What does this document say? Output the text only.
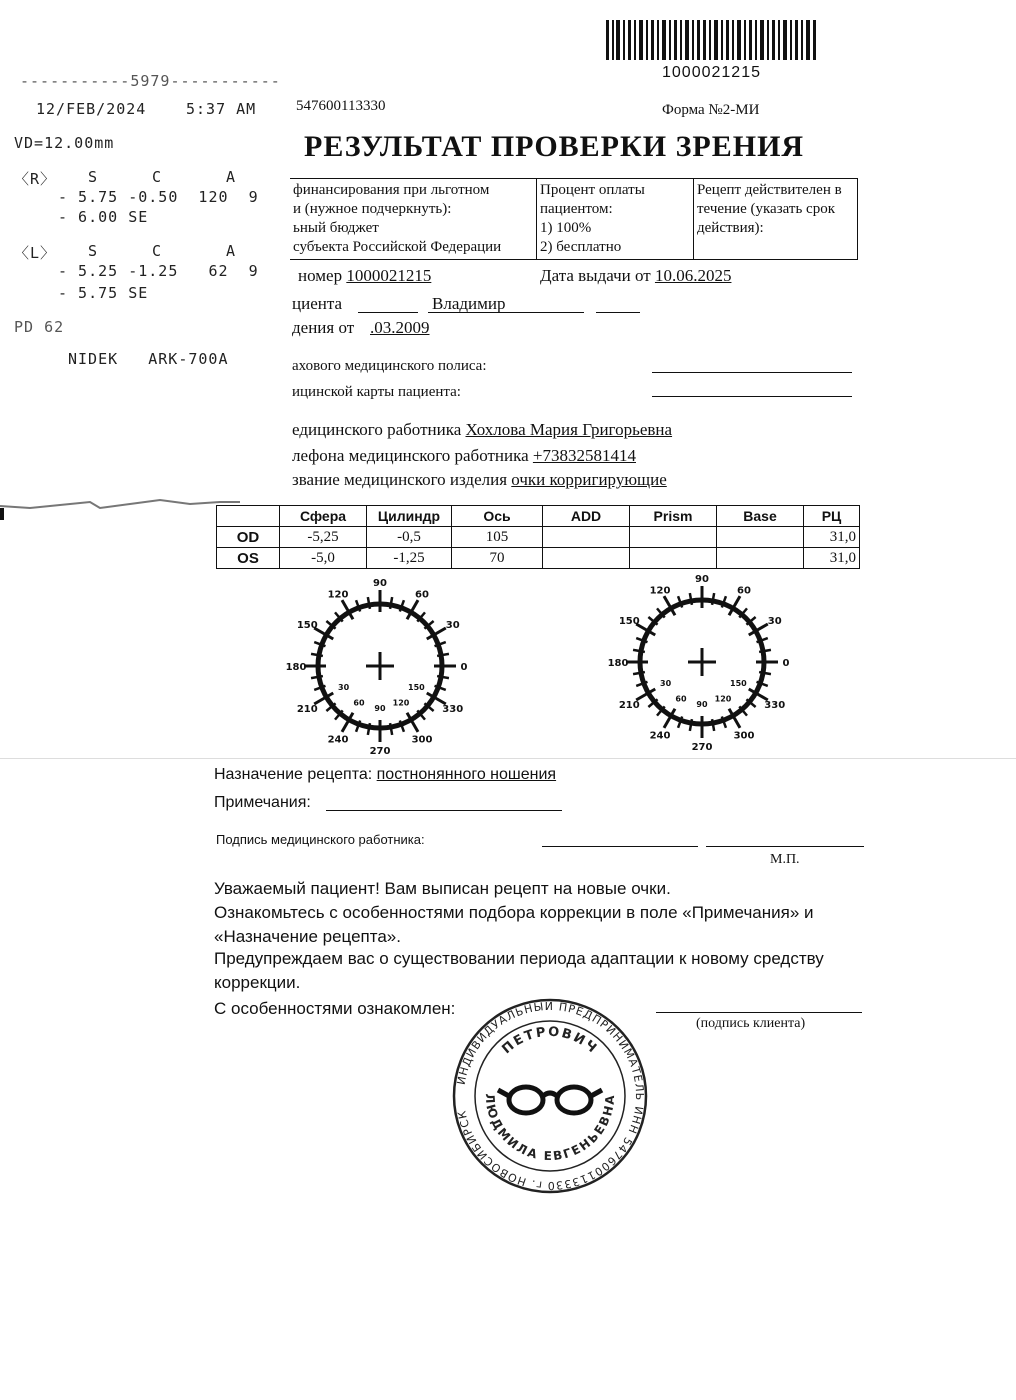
1000021215
-----------5979-----------
12/FEB/2024	5:37 AM
VD=12.00mm
〈R〉 S	C	A
- 5.75 -0.50  120  9
- 6.00 SE
〈L〉 S	C	A
- 5.25 -1.25   62  9
- 5.75 SE
PD 62
NIDEK   ARK-700A
547600113330	Форма №2-МИ
РЕЗУЛЬТАТ ПРОВЕРКИ ЗРЕНИЯ
финансирования при льготном
и (нужное подчеркнуть):
ьный бюджет
субъекта Российской Федерации

Процент оплаты
пациентом:
1) 100%
2) бесплатно

Рецепт действителен в
течение (указать срок
действия):
номер 1000021215	Дата выдачи от 10.06.2025
циента	Владимир
дения от .03.2009
ахового медицинского полиса:
ицинской карты пациента:
едицинского работника Хохлова Мария Григорьевна
лефона медицинского работника +73832581414
звание медицинского изделия очки корригирующие
	Сфера	Цилиндр	Ось	ADD	Prism	Base	РЦ
OD	-5,25	-0,5	105				31,0
OS	-5,0	-1,25	70				31,0
90
120	60
150	30
180	0
210	330
240	300
270
30
60
90
120
150
90
120	60
150	30
180	0
210	330
240	300
270
30
60
90
120
150
Назначение рецепта: постнонянного ношения
Примечания:
Подпись медицинского работника:
М.П.
Уважаемый пациент! Вам выписан рецепт на новые очки.
Ознакомьтесь с особенностями подбора коррекции в поле «Примечания» и
«Назначение рецепта».
Предупреждаем вас о существовании периода адаптации к новому средству
коррекции.
С особенностями ознакомлен:
(подпись клиента)
ИНДИВИДУАЛЬНЫЙ ПРЕДПРИНИМАТЕЛЬ ИНН 547600113330 г. НОВОСИБИРСК
ПЕТРОВИЧ
ЛЮДМИЛА ЕВГЕНЬЕВНА
